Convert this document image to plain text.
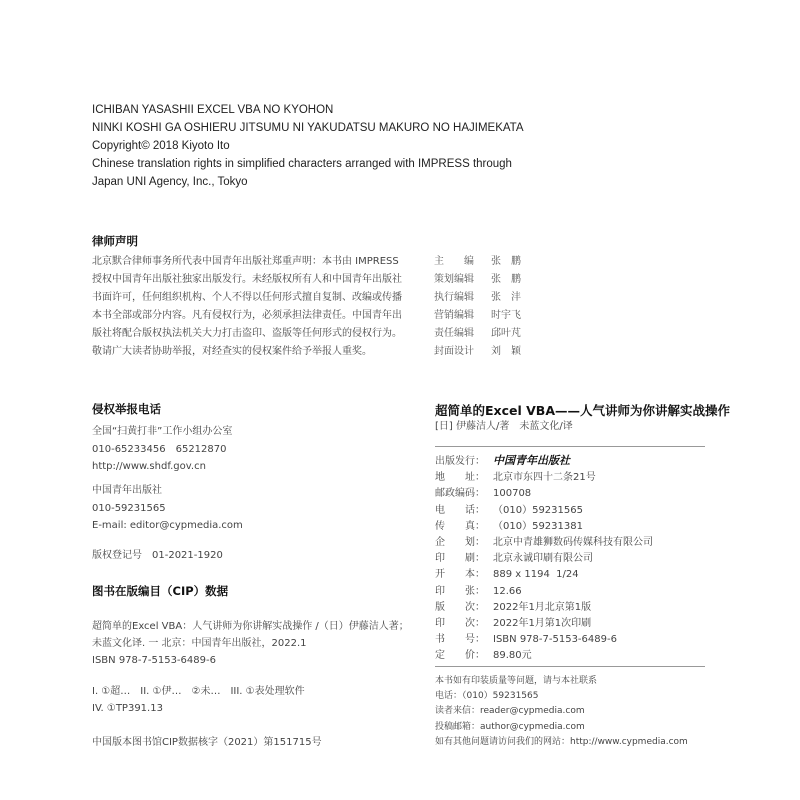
ICHIBAN YASASHII EXCEL VBA NO KYOHON
NINKI KOSHI GA OSHIERU JITSUMU NI YAKUDATSU MAKURO NO HAJIMEKATA
Copyright© 2018 Kiyoto Ito
Chinese translation rights in simplified characters arranged with IMPRESS through
Japan UNI Agency, Inc., Tokyo
律师声明
北京默合律师事务所代表中国青年出版社郑重声明：本书由 IMPRESS
授权中国青年出版社独家出版发行。未经版权所有人和中国青年出版社
书面许可，任何组织机构、个人不得以任何形式擅自复制、改编或传播
本书全部或部分内容。凡有侵权行为，必须承担法律责任。中国青年出
版社将配合版权执法机关大力打击盗印、盗版等任何形式的侵权行为。
敬请广大读者协助举报，对经查实的侵权案件给予举报人重奖。
主　　编 张　鹏
策划编辑 张　鹏
执行编辑 张　沣
营销编辑 时宇飞
责任编辑 邱叶芃
封面设计 刘　颖
侵权举报电话
全国“扫黄打非”工作小组办公室
010-65233456　65212870
http://www.shdf.gov.cn
中国青年出版社
010-59231565
E-mail: editor@cypmedia.com
版权登记号　01-2021-1920
图书在版编目（CIP）数据
超简单的Excel VBA：人气讲师为你讲解实战操作 /（日）伊藤洁人著；
未蓝文化译. 一 北京：中国青年出版社，2022.1
ISBN 978-7-5153-6489-6
I. ①超…　II. ①伊…　②未…　III. ①表处理软件
IV. ①TP391.13
中国版本图书馆CIP数据核字（2021）第151715号
超简单的Excel VBA——人气讲师为你讲解实战操作
[日] 伊藤洁人/著　未蓝文化/译
出版发行： 中国青年出版社
地　　址： 北京市东四十二条21号
邮政编码： 100708
电　　话： （010）59231565
传　　真： （010）59231381
企　　划： 北京中青雄狮数码传媒科技有限公司
印　　刷： 北京永诚印刷有限公司
开　　本： 889 x 1194  1/24
印　　张： 12.66
版　　次： 2022年1月北京第1版
印　　次： 2022年1月第1次印刷
书　　号： ISBN 978-7-5153-6489-6
定　　价： 89.80元
本书如有印装质量等问题，请与本社联系
电话：（010）59231565
读者来信：reader@cypmedia.com
投稿邮箱：author@cypmedia.com
如有其他问题请访问我们的网站：http://www.cypmedia.com
